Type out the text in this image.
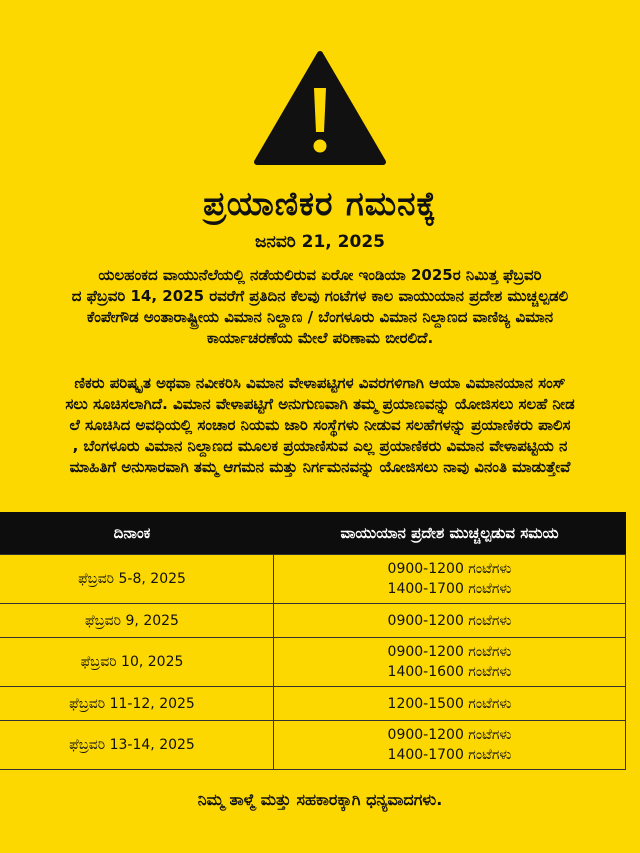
ಪ್ರಯಾಣಿಕರ ಗಮನಕ್ಕೆ
ಜನವರಿ 21, 2025
ಯಲಹಂಕದ ವಾಯುನೆಲೆಯಲ್ಲಿ ನಡೆಯಲಿರುವ ಏರೋ ಇಂಡಿಯಾ 2025ರ ನಿಮಿತ್ತ ಫೆಬ್ರವರಿ
ದ ಫೆಬ್ರವರಿ 14, 2025 ರವರೆಗೆ ಪ್ರತಿದಿನ ಕೆಲವು ಗಂಟೆಗಳ ಕಾಲ ವಾಯುಯಾನ ಪ್ರದೇಶ ಮುಚ್ಚಲ್ಪಡಲಿ
ಕೆಂಪೇಗೌಡ ಅಂತಾರಾಷ್ಟ್ರೀಯ ವಿಮಾನ ನಿಲ್ದಾಣ / ಬೆಂಗಳೂರು ವಿಮಾನ ನಿಲ್ದಾಣದ ವಾಣಿಜ್ಯ ವಿಮಾನ
ಕಾರ್ಯಾಚರಣೆಯ ಮೇಲೆ ಪರಿಣಾಮ ಬೀರಲಿದೆ.
ಣಿಕರು ಪರಿಷ್ಕೃತ ಅಥವಾ ನವೀಕರಿಸಿ ವಿಮಾನ ವೇಳಾಪಟ್ಟಿಗಳ ವಿವರಗಳಿಗಾಗಿ ಆಯಾ ವಿಮಾನಯಾನ ಸಂಸ್
ಸಲು ಸೂಚಿಸಲಾಗಿದೆ. ವಿಮಾನ ವೇಳಾಪಟ್ಟಿಗೆ ಅನುಗುಣವಾಗಿ ತಮ್ಮ ಪ್ರಯಾಣವನ್ನು ಯೋಜಿಸಲು ಸಲಹೆ ನೀಡ
ಲೆ ಸೂಚಿಸಿದ ಅವಧಿಯಲ್ಲಿ ಸಂಚಾರ ನಿಯಮ ಜಾರಿ ಸಂಸ್ಥೆಗಳು ನೀಡುವ ಸಲಹೆಗಳನ್ನು ಪ್ರಯಾಣಿಕರು ಪಾಲಿಸ
, ಬೆಂಗಳೂರು ವಿಮಾನ ನಿಲ್ದಾಣದ ಮೂಲಕ ಪ್ರಯಾಣಿಸುವ ಎಲ್ಲ ಪ್ರಯಾಣಿಕರು ವಿಮಾನ ವೇಳಾಪಟ್ಟಿಯ ನ
ಮಾಹಿತಿಗೆ ಅನುಸಾರವಾಗಿ ತಮ್ಮ ಆಗಮನ ಮತ್ತು ನಿರ್ಗಮನವನ್ನು ಯೋಜಿಸಲು ನಾವು ವಿನಂತಿ ಮಾಡುತ್ತೇವೆ
ದಿನಾಂಕ	ವಾಯುಯಾನ ಪ್ರದೇಶ ಮುಚ್ಚಲ್ಪಡುವ ಸಮಯ
ಫೆಬ್ರವರಿ 5-8, 2025	0900-1200 ಗಂಟೆಗಳು
1400-1700 ಗಂಟೆಗಳು

ಫೆಬ್ರವರಿ 9, 2025	0900-1200 ಗಂಟೆಗಳು

ಫೆಬ್ರವರಿ 10, 2025	0900-1200 ಗಂಟೆಗಳು
1400-1600 ಗಂಟೆಗಳು

ಫೆಬ್ರವರಿ 11-12, 2025	1200-1500 ಗಂಟೆಗಳು

ಫೆಬ್ರವರಿ 13-14, 2025	0900-1200 ಗಂಟೆಗಳು
1400-1700 ಗಂಟೆಗಳು
ನಿಮ್ಮ ತಾಳ್ಮೆ ಮತ್ತು ಸಹಕಾರಕ್ಕಾಗಿ ಧನ್ಯವಾದಗಳು.
